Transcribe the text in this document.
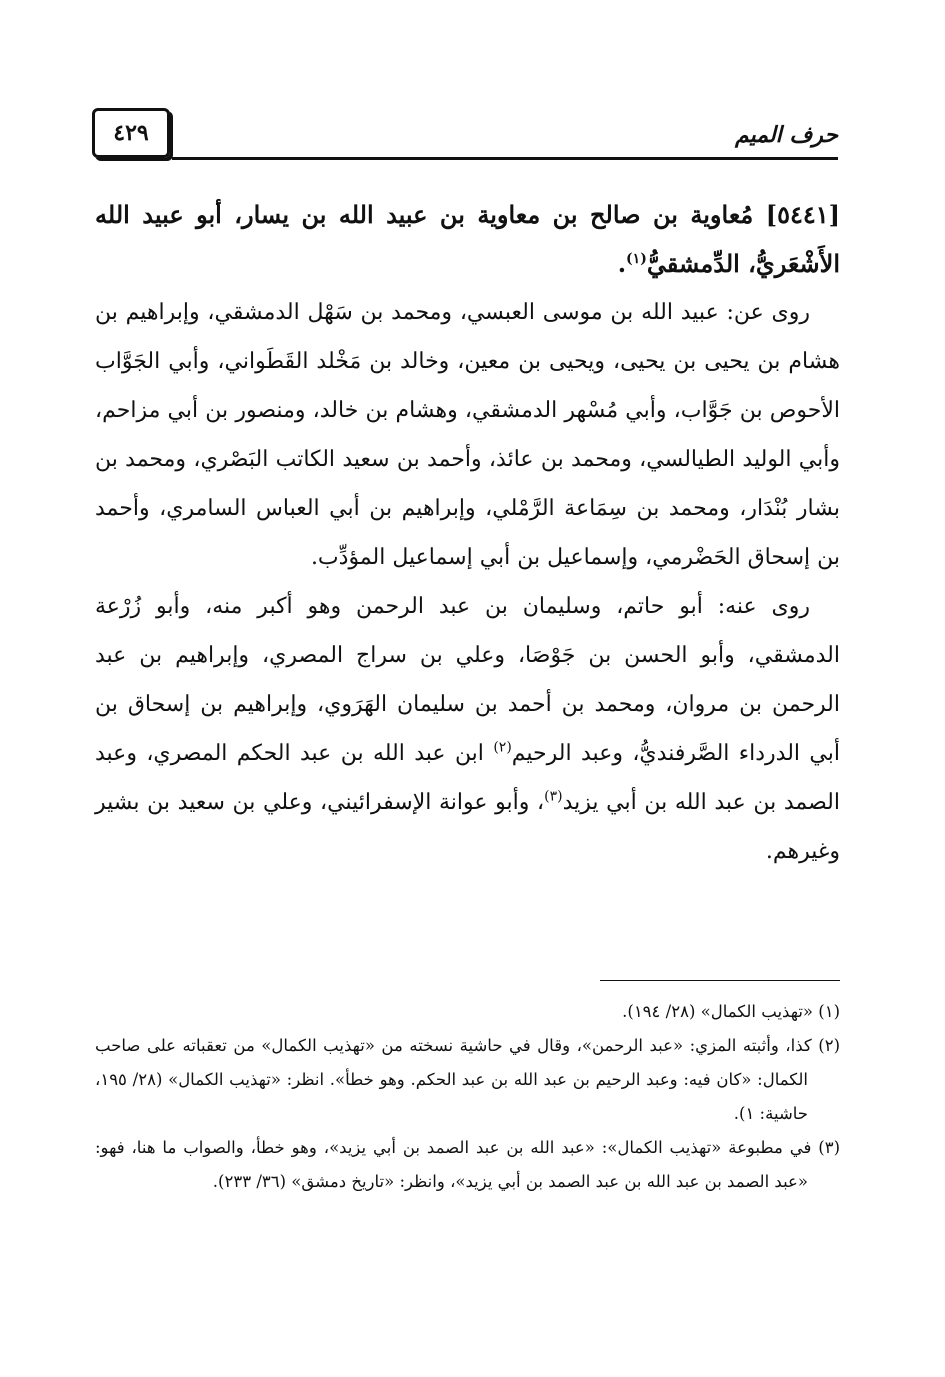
٤٢٩	حرف الميم

[٥٤٤١] مُعاوية بن صالح بن معاوية بن عبيد الله بن يسار، أبو عبيد الله الأَشْعَريُّ، الدِّمشقيُّ$^{(١)}$.

روى عن: عبيد الله بن موسى العبسي، ومحمد بن سَهْل الدمشقي، وإبراهيم بن هشام بن يحيى بن يحيى، ويحيى بن معين، وخالد بن مَخْلد القَطَواني، وأبي الجَوَّاب الأحوص بن جَوَّاب، وأبي مُسْهر الدمشقي، وهشام بن خالد، ومنصور بن أبي مزاحم، وأبي الوليد الطيالسي، ومحمد بن عائذ، وأحمد بن سعيد الكاتب البَصْري، ومحمد بن بشار بُنْدَار، ومحمد بن سِمَاعة الرَّمْلي، وإبراهيم بن أبي العباس السامري، وأحمد بن إسحاق الحَضْرمي، وإسماعيل بن أبي إسماعيل المؤدِّب.

روى عنه: أبو حاتم، وسليمان بن عبد الرحمن وهو أكبر منه، وأبو زُرْعة الدمشقي، وأبو الحسن بن جَوْصَا، وعلي بن سراج المصري، وإبراهيم بن عبد الرحمن بن مروان، ومحمد بن أحمد بن سليمان الهَرَوي، وإبراهيم بن إسحاق بن أبي الدرداء الصَّرفنديُّ، وعبد الرحيم$^{(٢)}$ ابن عبد الله بن عبد الحكم المصري، وعبد الصمد بن عبد الله بن أبي يزيد$^{(٣)}$، وأبو عوانة الإسفرائيني، وعلي بن سعيد بن بشير وغيرهم.

(١) «تهذيب الكمال» (٢٨/ ١٩٤).

(٢) كذا، وأثبته المزي: «عبد الرحمن»، وقال في حاشية نسخته من «تهذيب الكمال» من تعقباته على صاحب الكمال: «كان فيه: وعبد الرحيم بن عبد الله بن عبد الحكم. وهو خطأ». انظر: «تهذيب الكمال» (٢٨/ ١٩٥، حاشية: ١).

(٣) في مطبوعة «تهذيب الكمال»: «عبد الله بن عبد الصمد بن أبي يزيد»، وهو خطأ، والصواب ما هنا، فهو: «عبد الصمد بن عبد الله بن عبد الصمد بن أبي يزيد»، وانظر: «تاريخ دمشق» (٣٦/ ٢٣٣).
